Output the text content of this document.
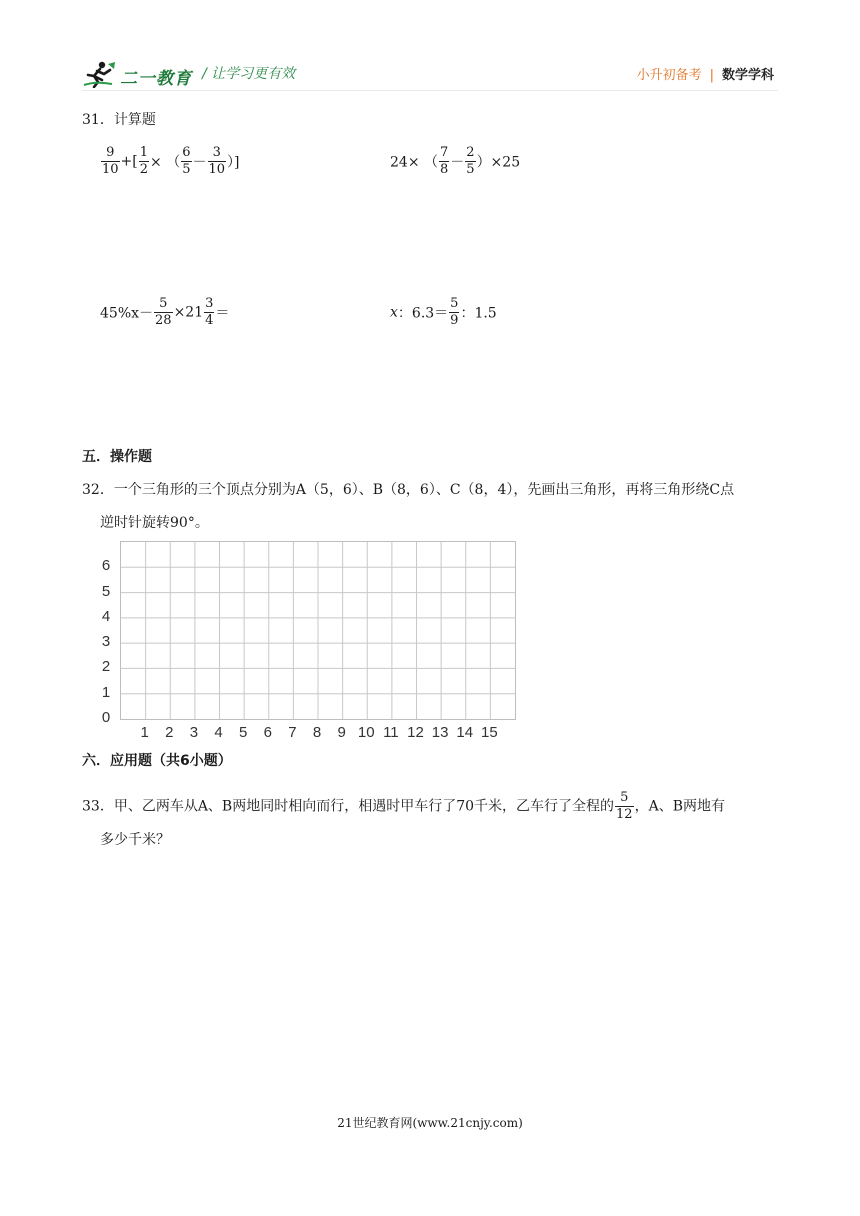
二一教育 / 让学习更有效	小升初备考 | 数学学科
31．计算题
$\frac{9}{10}$ +[ $\frac{1}{2}$ × （ $\frac{6}{5} - \frac{3}{10}$ ）]	24× （ $\frac{7}{8} - \frac{2}{5} )\times 25$
$45\%x- \frac{5}{28} \times 21 \frac{3}{4}$ ＝	x：$6.3= \frac{5}{9}$ ：1.5
五．操作题
32．一个三角形的三个顶点分别为A（5，6）、B（8，6）、C（8，4），先画出三角形，再将三角形绕C点
逆时针旋转90°。
6
5
4
3
2
1
0
1	2	3	4	5	6	7	8	9 10 11 12 13 14 15
六．应用题（共6小题）
33．甲、乙两车从A、B两地同时相向而行，相遇时甲车行了70千米，乙车行了全程的 $\frac{5}{12}$ ，A、B两地有
多少千米？
21世纪教育网(www.21cnjy.com)
